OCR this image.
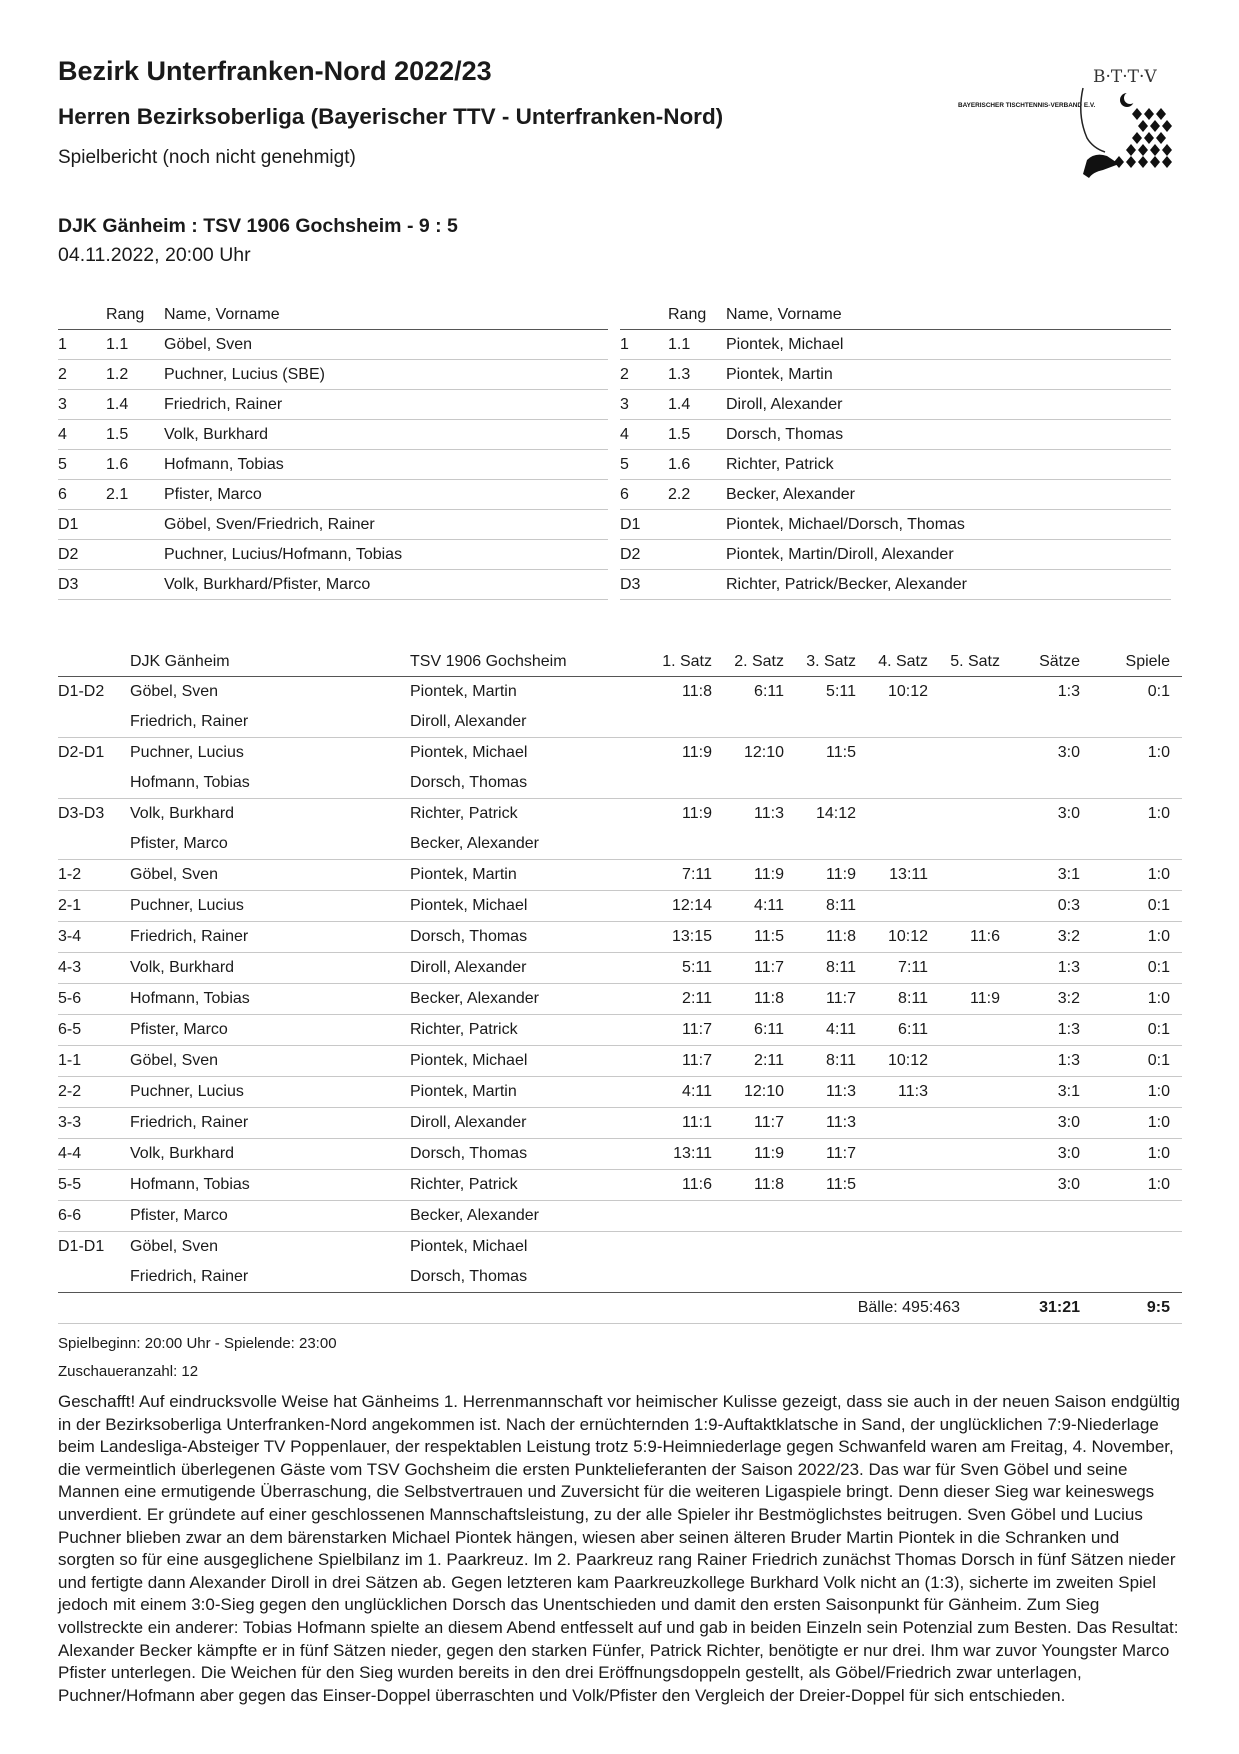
Bezirk Unterfranken-Nord 2022/23
Herren Bezirksoberliga (Bayerischer TTV - Unterfranken-Nord)
Spielbericht (noch nicht genehmigt)
B·T·T·V
BAYERISCHER TISCHTENNIS-VERBAND E.V.
DJK Gänheim : TSV 1906 Gochsheim - 9 : 5
04.11.2022, 20:00 Uhr
	Rang	Name, Vorname
1	1.1	Göbel, Sven
2	1.2	Puchner, Lucius (SBE)
3	1.4	Friedrich, Rainer
4	1.5	Volk, Burkhard
5	1.6	Hofmann, Tobias
6	2.1	Pfister, Marco
D1		Göbel, Sven/Friedrich, Rainer
D2		Puchner, Lucius/Hofmann, Tobias
D3		Volk, Burkhard/Pfister, Marco
	Rang	Name, Vorname
1	1.1	Piontek, Michael
2	1.3	Piontek, Martin
3	1.4	Diroll, Alexander
4	1.5	Dorsch, Thomas
5	1.6	Richter, Patrick
6	2.2	Becker, Alexander
D1		Piontek, Michael/Dorsch, Thomas
D2		Piontek, Martin/Diroll, Alexander
D3		Richter, Patrick/Becker, Alexander
	DJK Gänheim	TSV 1906 Gochsheim	1. Satz	2. Satz	3. Satz	4. Satz	5. Satz	Sätze	Spiele
D1-D2	Göbel, Sven	Piontek, Martin	11:8	6:11	5:11	10:12		1:3	0:1
	Friedrich, Rainer	Diroll, Alexander							
D2-D1	Puchner, Lucius	Piontek, Michael	11:9	12:10	11:5			3:0	1:0
	Hofmann, Tobias	Dorsch, Thomas							
D3-D3	Volk, Burkhard	Richter, Patrick	11:9	11:3	14:12			3:0	1:0
	Pfister, Marco	Becker, Alexander							
1-2	Göbel, Sven	Piontek, Martin	7:11	11:9	11:9	13:11		3:1	1:0
2-1	Puchner, Lucius	Piontek, Michael	12:14	4:11	8:11			0:3	0:1
3-4	Friedrich, Rainer	Dorsch, Thomas	13:15	11:5	11:8	10:12	11:6	3:2	1:0
4-3	Volk, Burkhard	Diroll, Alexander	5:11	11:7	8:11	7:11		1:3	0:1
5-6	Hofmann, Tobias	Becker, Alexander	2:11	11:8	11:7	8:11	11:9	3:2	1:0
6-5	Pfister, Marco	Richter, Patrick	11:7	6:11	4:11	6:11		1:3	0:1
1-1	Göbel, Sven	Piontek, Michael	11:7	2:11	8:11	10:12		1:3	0:1
2-2	Puchner, Lucius	Piontek, Martin	4:11	12:10	11:3	11:3		3:1	1:0
3-3	Friedrich, Rainer	Diroll, Alexander	11:1	11:7	11:3			3:0	1:0
4-4	Volk, Burkhard	Dorsch, Thomas	13:11	11:9	11:7			3:0	1:0
5-5	Hofmann, Tobias	Richter, Patrick	11:6	11:8	11:5			3:0	1:0
6-6	Pfister, Marco	Becker, Alexander							
D1-D1	Göbel, Sven	Piontek, Michael							
	Friedrich, Rainer	Dorsch, Thomas							
			Bälle: 495:463					31:21	9:5

Spielbeginn: 20:00 Uhr - Spielende: 23:00

Zuschaueranzahl: 12

Geschafft! Auf eindrucksvolle Weise hat Gänheims 1. Herrenmannschaft vor heimischer Kulisse gezeigt, dass sie auch in der neuen Saison endgültig in der Bezirksoberliga Unterfranken-Nord angekommen ist. Nach der ernüchternden 1:9-Auftaktklatsche in Sand, der unglücklichen 7:9-Niederlage beim Landesliga-Absteiger TV Poppenlauer, der respektablen Leistung trotz 5:9-Heimniederlage gegen Schwanfeld waren am Freitag, 4. November, die vermeintlich überlegenen Gäste vom TSV Gochsheim die ersten Punktelieferanten der Saison 2022/23. Das war für Sven Göbel und seine Mannen eine ermutigende Überraschung, die Selbstvertrauen und Zuversicht für die weiteren Ligaspiele bringt. Denn dieser Sieg war keineswegs unverdient. Er gründete auf einer geschlossenen Mannschaftsleistung, zu der alle Spieler ihr Bestmöglichstes beitrugen. Sven Göbel und Lucius Puchner blieben zwar an dem bärenstarken Michael Piontek hängen, wiesen aber seinen älteren Bruder Martin Piontek in die Schranken und sorgten so für eine ausgeglichene Spielbilanz im 1. Paarkreuz. Im 2. Paarkreuz rang Rainer Friedrich zunächst Thomas Dorsch in fünf Sätzen nieder und fertigte dann Alexander Diroll in drei Sätzen ab. Gegen letzteren kam Paarkreuzkollege Burkhard Volk nicht an (1:3), sicherte im zweiten Spiel jedoch mit einem 3:0-Sieg gegen den unglücklichen Dorsch das Unentschieden und damit den ersten Saisonpunkt für Gänheim. Zum Sieg vollstreckte ein anderer: Tobias Hofmann spielte an diesem Abend entfesselt auf und gab in beiden Einzeln sein Potenzial zum Besten. Das Resultat: Alexander Becker kämpfte er in fünf Sätzen nieder, gegen den starken Fünfer, Patrick Richter, benötigte er nur drei. Ihm war zuvor Youngster Marco Pfister unterlegen. Die Weichen für den Sieg wurden bereits in den drei Eröffnungsdoppeln gestellt, als Göbel/Friedrich zwar unterlagen, Puchner/Hofmann aber gegen das Einser-Doppel überraschten und Volk/Pfister den Vergleich der Dreier-Doppel für sich entschieden.
